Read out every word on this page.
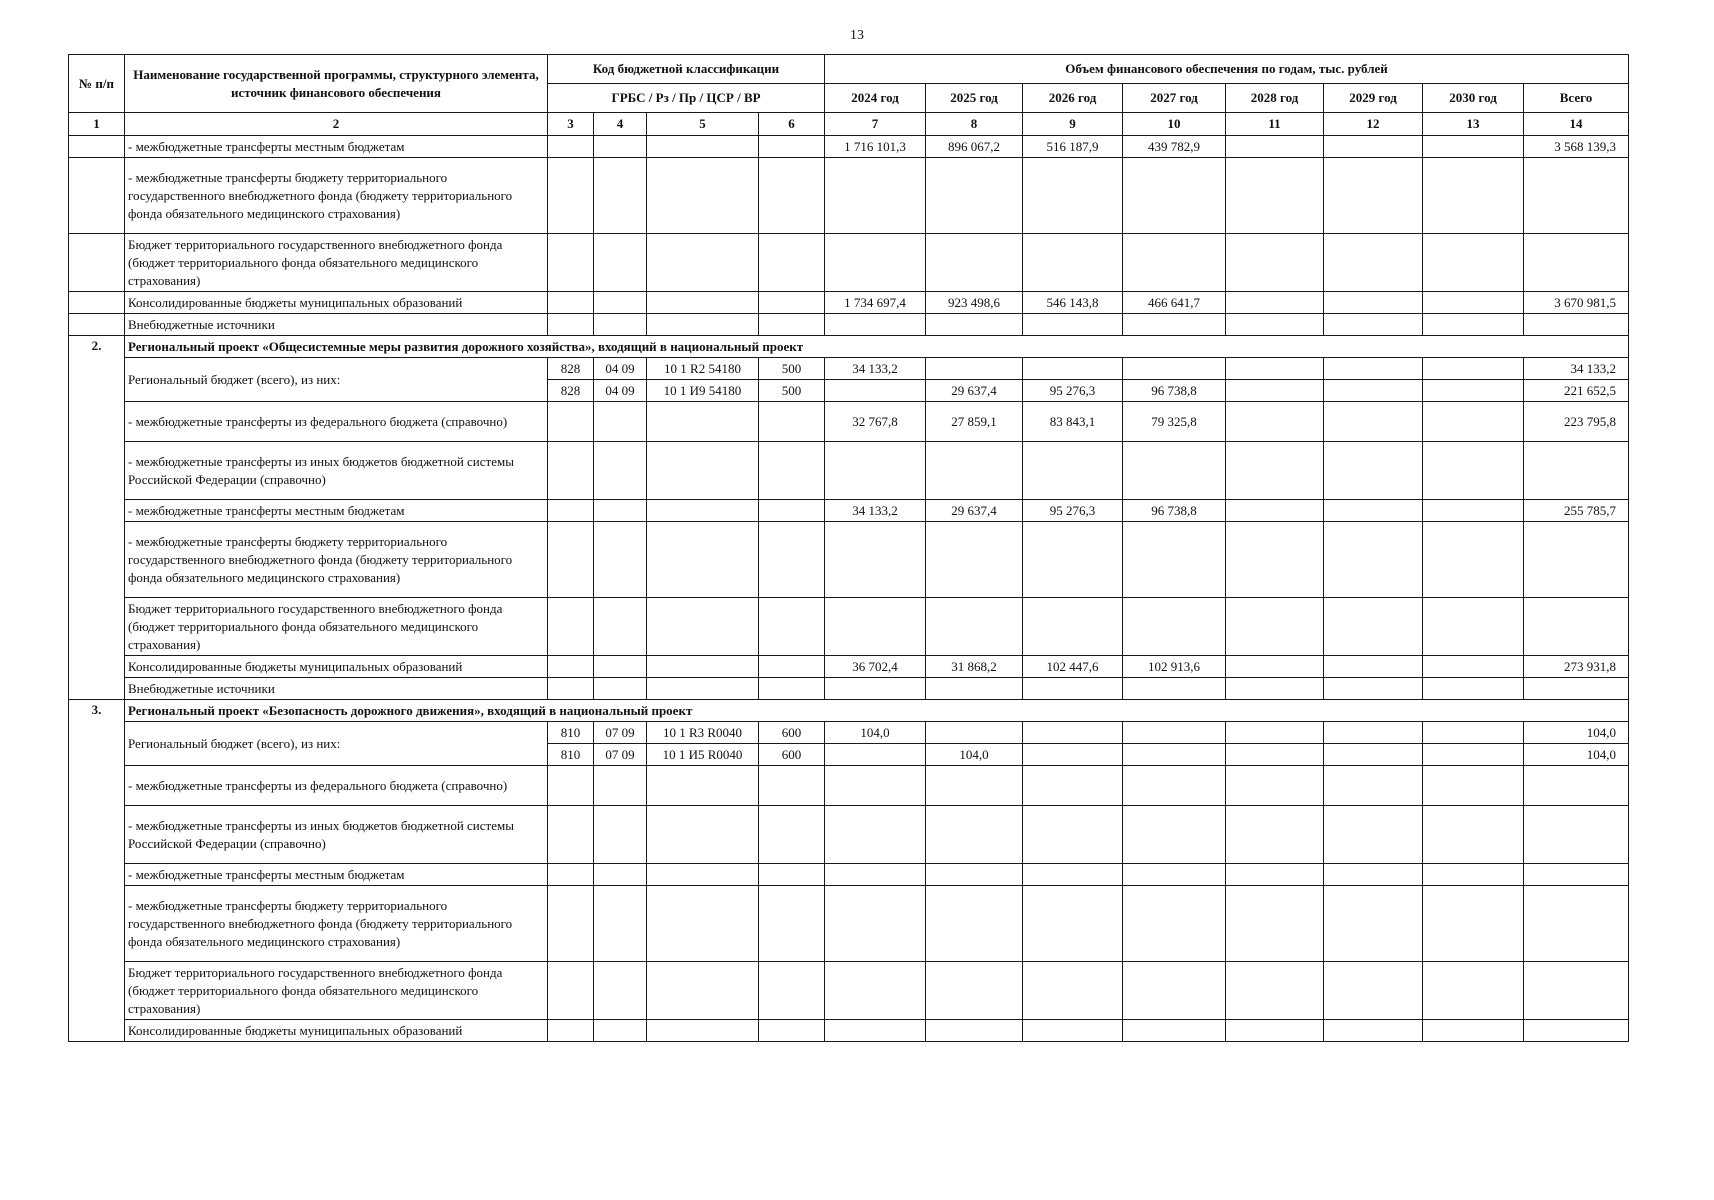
13
№ п/п	Наименование государственной программы, структурного элемента, источник финансового обеспечения	Код бюджетной классификации				Объем финансового обеспечения по годам, тыс. рублей							
		ГРБС / Рз / Пр / ЦСР / ВР				2024 год	2025 год	2026 год	2027 год	2028 год	2029 год	2030 год	Всего
1	2	3	4	5	6	7	8	9	10	11	12	13	14
	- межбюджетные трансферты местным бюджетам					1 716 101,3	896 067,2	516 187,9	439 782,9				3 568 139,3
	- межбюджетные трансферты бюджету территориального государственного внебюджетного фонда (бюджету территориального фонда обязательного медицинского страхования)												
	Бюджет территориального государственного внебюджетного фонда (бюджет территориального фонда обязательного медицинского страхования)												
	Консолидированные бюджеты муниципальных образований					1 734 697,4	923 498,6	546 143,8	466 641,7				3 670 981,5
	Внебюджетные источники												
2.	Региональный проект «Общесистемные меры развития дорожного хозяйства», входящий в национальный проект												
	Региональный бюджет (всего), из них:	828	04 09	10 1 R2 54180	500	34 133,2							34 133,2
		828	04 09	10 1 И9 54180	500		29 637,4	95 276,3	96 738,8				221 652,5
	- межбюджетные трансферты из федерального бюджета (справочно)					32 767,8	27 859,1	83 843,1	79 325,8				223 795,8
	- межбюджетные трансферты из иных бюджетов бюджетной системы Российской Федерации (справочно)												
	- межбюджетные трансферты местным бюджетам					34 133,2	29 637,4	95 276,3	96 738,8				255 785,7
	- межбюджетные трансферты бюджету территориального государственного внебюджетного фонда (бюджету территориального фонда обязательного медицинского страхования)												
	Бюджет территориального государственного внебюджетного фонда (бюджет территориального фонда обязательного медицинского страхования)												
	Консолидированные бюджеты муниципальных образований					36 702,4	31 868,2	102 447,6	102 913,6				273 931,8
	Внебюджетные источники												
3.	Региональный проект «Безопасность дорожного движения», входящий в национальный проект												
	Региональный бюджет (всего), из них:	810	07 09	10 1 R3 R0040	600	104,0							104,0
		810	07 09	10 1 И5 R0040	600		104,0						104,0
	- межбюджетные трансферты из федерального бюджета (справочно)												
	- межбюджетные трансферты из иных бюджетов бюджетной системы Российской Федерации (справочно)												
	- межбюджетные трансферты местным бюджетам												
	- межбюджетные трансферты бюджету территориального государственного внебюджетного фонда (бюджету территориального фонда обязательного медицинского страхования)												
	Бюджет территориального государственного внебюджетного фонда (бюджет территориального фонда обязательного медицинского страхования)												
	Консолидированные бюджеты муниципальных образований												
